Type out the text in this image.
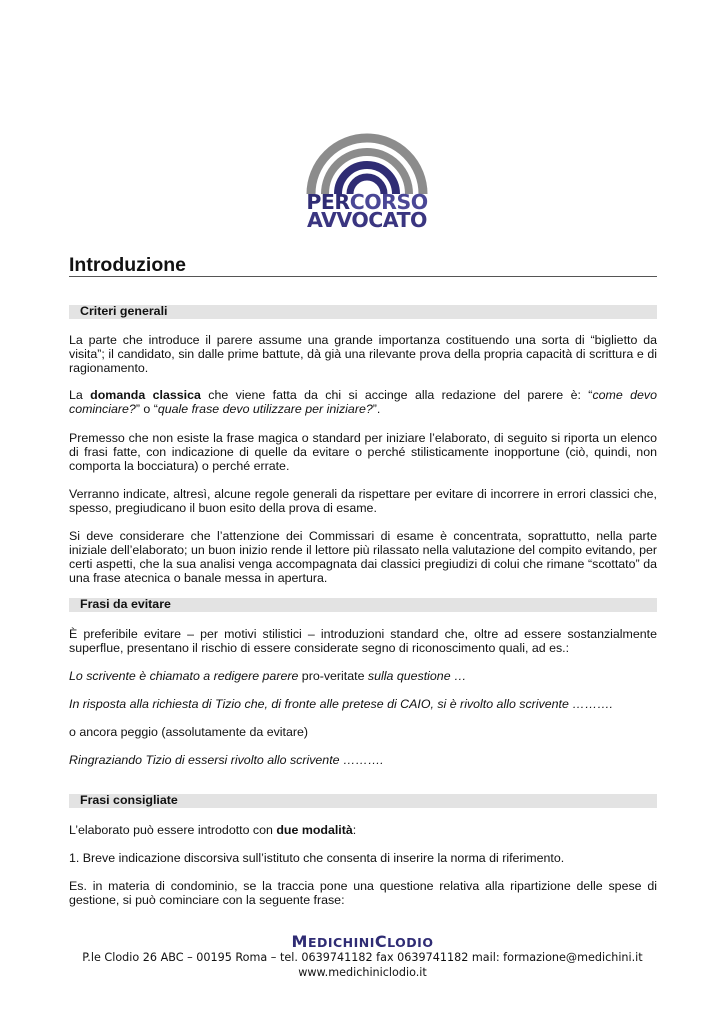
PERCORSO
AVVOCATO
Introduzione
Criteri generali

La parte che introduce il parere assume una grande importanza costituendo una sorta di “biglietto da visita”; il candidato, sin dalle prime battute, dà già una rilevante prova della propria capacità di scrittura e di ragionamento.

La domanda classica che viene fatta da chi si accinge alla redazione del parere è: “come devo cominciare?” o “quale frase devo utilizzare per iniziare?”.

Premesso che non esiste la frase magica o standard per iniziare l’elaborato, di seguito si riporta un elenco di frasi fatte, con indicazione di quelle da evitare o perché stilisticamente inopportune (ciò, quindi, non comporta la bocciatura) o perché errate.

Verranno indicate, altresì, alcune regole generali da rispettare per evitare di incorrere in errori classici che, spesso, pregiudicano il buon esito della prova di esame.

Si deve considerare che l’attenzione dei Commissari di esame è concentrata, soprattutto, nella parte iniziale dell’elaborato; un buon inizio rende il lettore più rilassato nella valutazione del compito evitando, per certi aspetti, che la sua analisi venga accompagnata dai classici pregiudizi di colui che rimane “scottato” da una frase atecnica o banale messa in apertura.

Frasi da evitare

È preferibile evitare – per motivi stilistici – introduzioni standard che, oltre ad essere sostanzialmente superflue, presentano il rischio di essere considerate segno di riconoscimento quali, ad es.:

Lo scrivente è chiamato a redigere parere pro-veritate sulla questione …

In risposta alla richiesta di Tizio che, di fronte alle pretese di CAIO, si è rivolto allo scrivente ……….

o ancora peggio (assolutamente da evitare)

Ringraziando Tizio di essersi rivolto allo scrivente ……….

Frasi consigliate

L’elaborato può essere introdotto con due modalità:

1. Breve indicazione discorsiva sull’istituto che consenta di inserire la norma di riferimento.

Es. in materia di condominio, se la traccia pone una questione relativa alla ripartizione delle spese di gestione, si può cominciare con la seguente frase:

MEDICHINICLODIO
P.le Clodio 26 ABC – 00195 Roma – tel. 0639741182 fax 0639741182 mail: formazione@medichini.it
www.medichiniclodio.it
